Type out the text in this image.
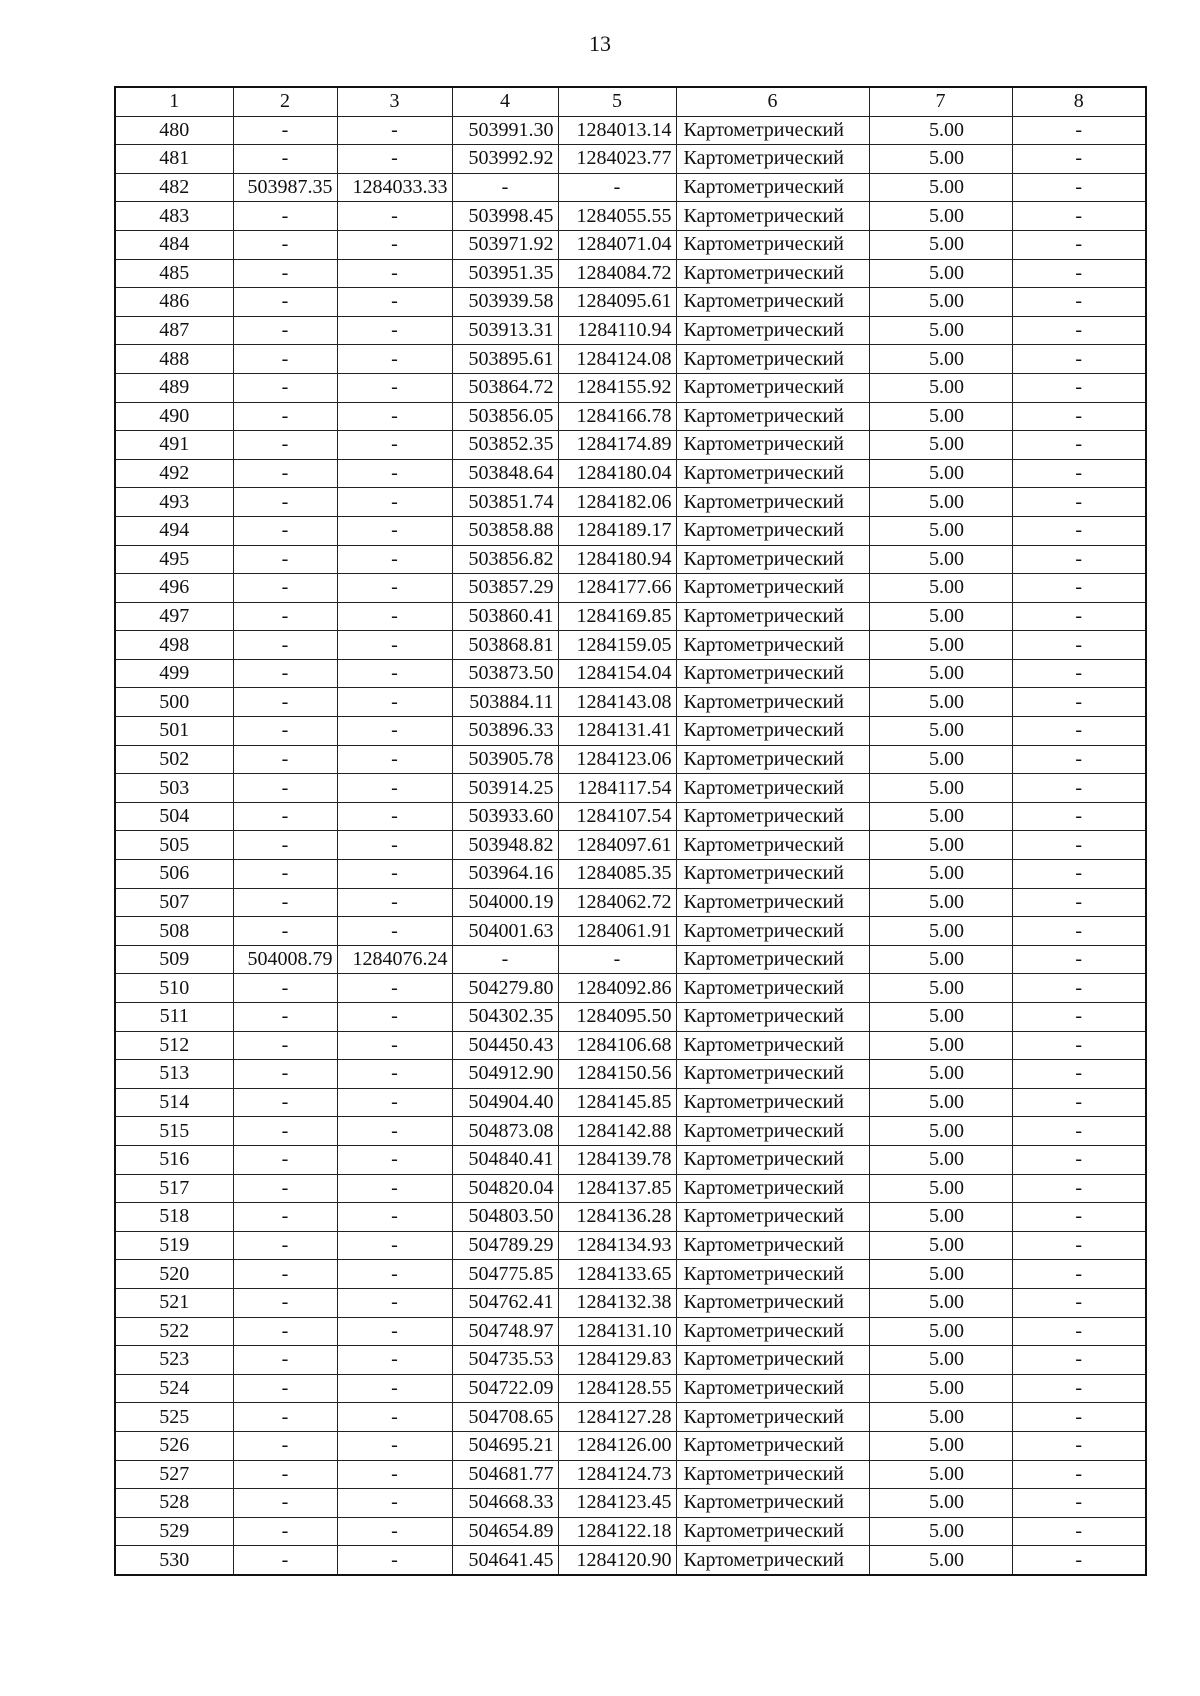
13
1	2	3	4	5	6	7	8
480	-	-	503991.30	1284013.14	Картометрический	5.00	-
481	-	-	503992.92	1284023.77	Картометрический	5.00	-
482	503987.35	1284033.33	-	-	Картометрический	5.00	-
483	-	-	503998.45	1284055.55	Картометрический	5.00	-
484	-	-	503971.92	1284071.04	Картометрический	5.00	-
485	-	-	503951.35	1284084.72	Картометрический	5.00	-
486	-	-	503939.58	1284095.61	Картометрический	5.00	-
487	-	-	503913.31	1284110.94	Картометрический	5.00	-
488	-	-	503895.61	1284124.08	Картометрический	5.00	-
489	-	-	503864.72	1284155.92	Картометрический	5.00	-
490	-	-	503856.05	1284166.78	Картометрический	5.00	-
491	-	-	503852.35	1284174.89	Картометрический	5.00	-
492	-	-	503848.64	1284180.04	Картометрический	5.00	-
493	-	-	503851.74	1284182.06	Картометрический	5.00	-
494	-	-	503858.88	1284189.17	Картометрический	5.00	-
495	-	-	503856.82	1284180.94	Картометрический	5.00	-
496	-	-	503857.29	1284177.66	Картометрический	5.00	-
497	-	-	503860.41	1284169.85	Картометрический	5.00	-
498	-	-	503868.81	1284159.05	Картометрический	5.00	-
499	-	-	503873.50	1284154.04	Картометрический	5.00	-
500	-	-	503884.11	1284143.08	Картометрический	5.00	-
501	-	-	503896.33	1284131.41	Картометрический	5.00	-
502	-	-	503905.78	1284123.06	Картометрический	5.00	-
503	-	-	503914.25	1284117.54	Картометрический	5.00	-
504	-	-	503933.60	1284107.54	Картометрический	5.00	-
505	-	-	503948.82	1284097.61	Картометрический	5.00	-
506	-	-	503964.16	1284085.35	Картометрический	5.00	-
507	-	-	504000.19	1284062.72	Картометрический	5.00	-
508	-	-	504001.63	1284061.91	Картометрический	5.00	-
509	504008.79	1284076.24	-	-	Картометрический	5.00	-
510	-	-	504279.80	1284092.86	Картометрический	5.00	-
511	-	-	504302.35	1284095.50	Картометрический	5.00	-
512	-	-	504450.43	1284106.68	Картометрический	5.00	-
513	-	-	504912.90	1284150.56	Картометрический	5.00	-
514	-	-	504904.40	1284145.85	Картометрический	5.00	-
515	-	-	504873.08	1284142.88	Картометрический	5.00	-
516	-	-	504840.41	1284139.78	Картометрический	5.00	-
517	-	-	504820.04	1284137.85	Картометрический	5.00	-
518	-	-	504803.50	1284136.28	Картометрический	5.00	-
519	-	-	504789.29	1284134.93	Картометрический	5.00	-
520	-	-	504775.85	1284133.65	Картометрический	5.00	-
521	-	-	504762.41	1284132.38	Картометрический	5.00	-
522	-	-	504748.97	1284131.10	Картометрический	5.00	-
523	-	-	504735.53	1284129.83	Картометрический	5.00	-
524	-	-	504722.09	1284128.55	Картометрический	5.00	-
525	-	-	504708.65	1284127.28	Картометрический	5.00	-
526	-	-	504695.21	1284126.00	Картометрический	5.00	-
527	-	-	504681.77	1284124.73	Картометрический	5.00	-
528	-	-	504668.33	1284123.45	Картометрический	5.00	-
529	-	-	504654.89	1284122.18	Картометрический	5.00	-
530	-	-	504641.45	1284120.90	Картометрический	5.00	-
